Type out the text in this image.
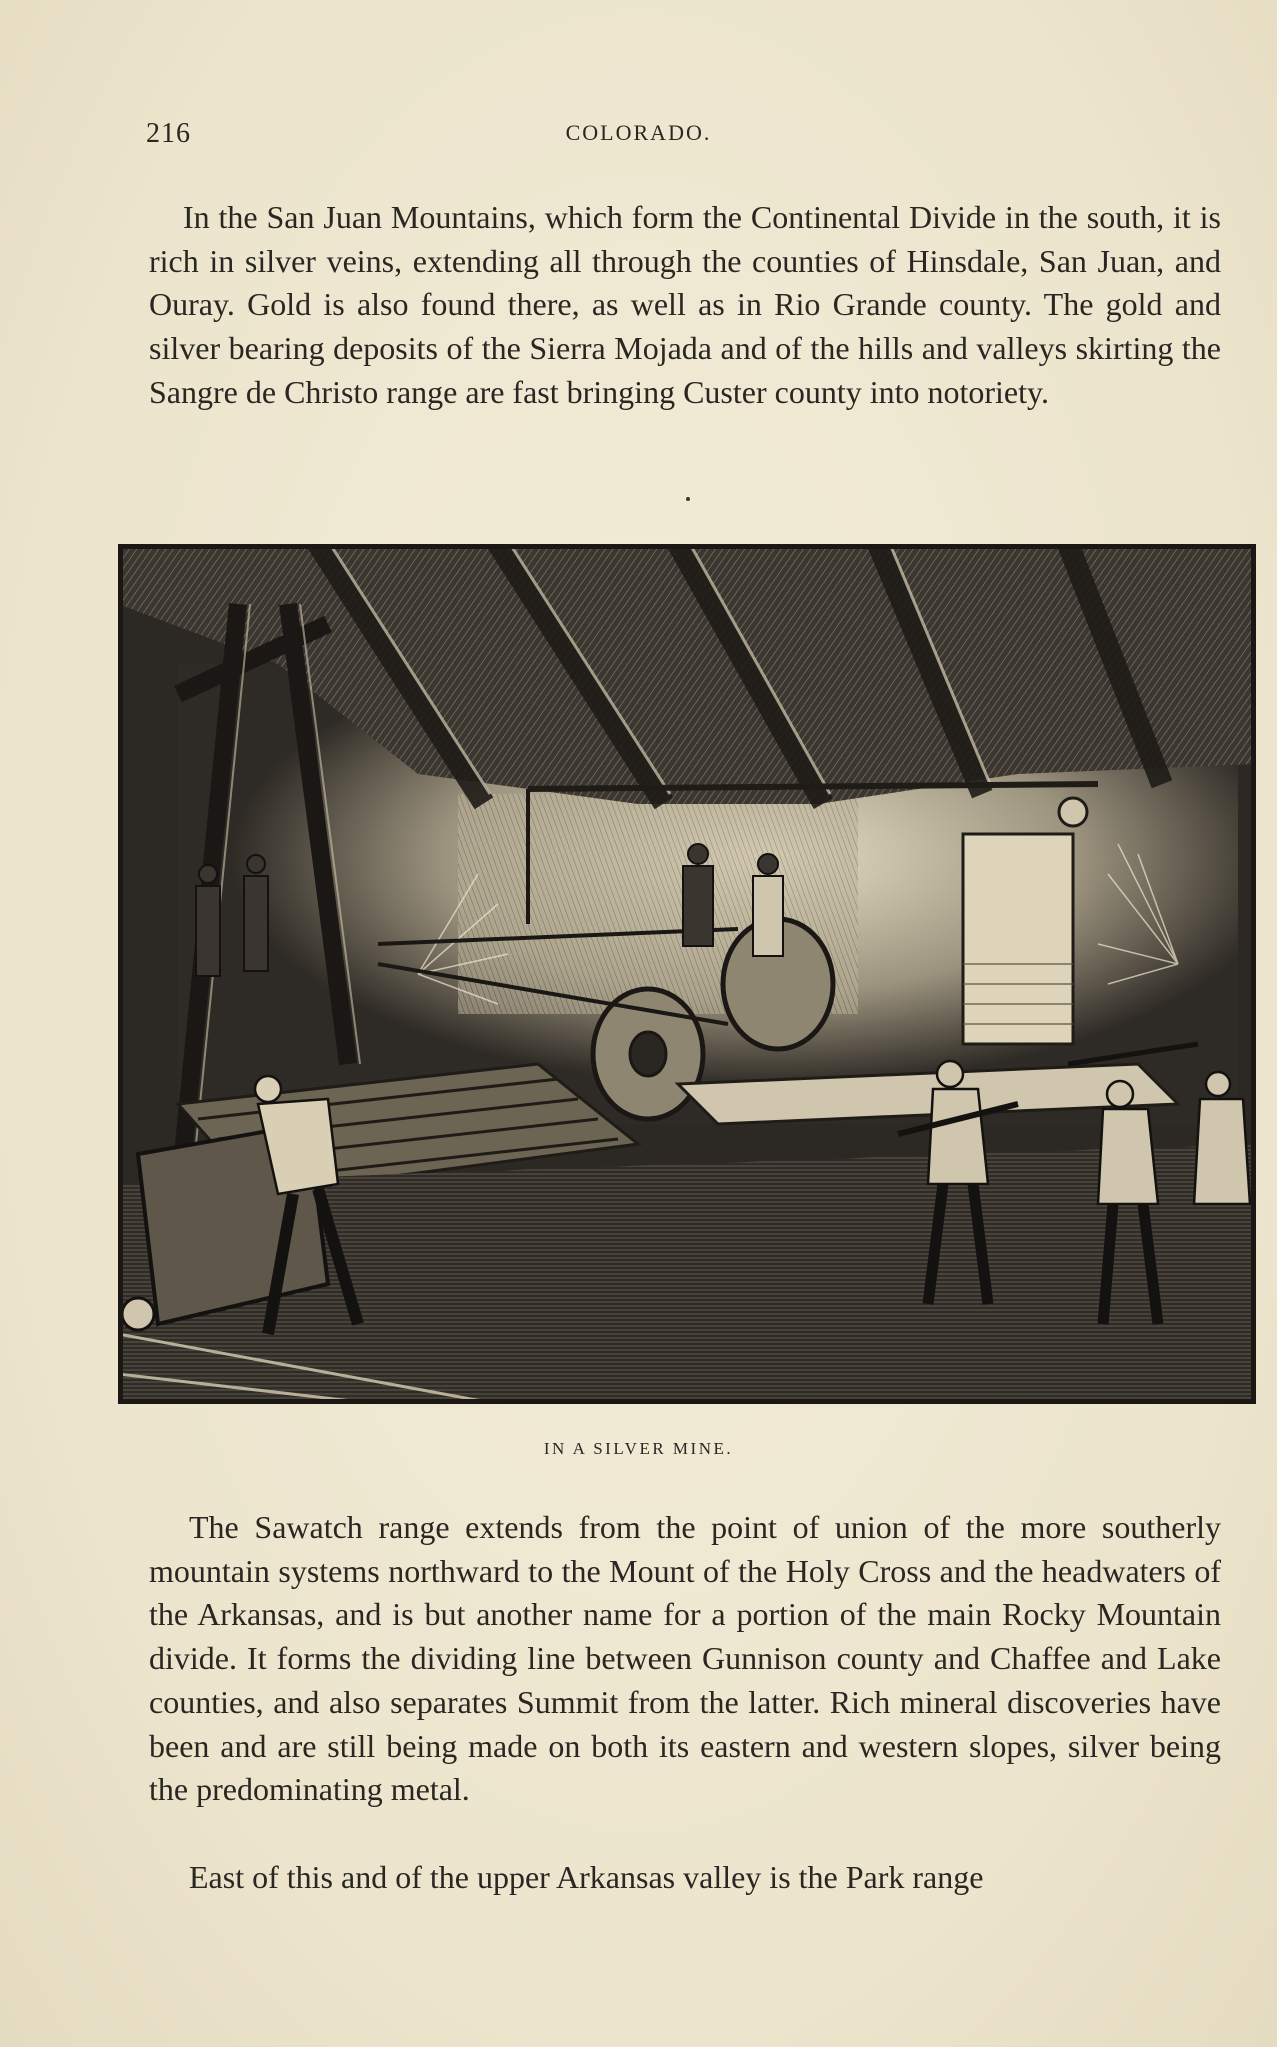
216	COLORADO.

In the San Juan Mountains, which form the Continental Divide in the south, it is rich in silver veins, extending all through the counties of Hinsdale, San Juan, and Ouray. Gold is also found there, as well as in Rio Grande county. The gold and silver bearing deposits of the Sierra Mojada and of the hills and valleys skirting the Sangre de Christo range are fast bringing Custer county into notoriety.

IN A SILVER MINE.

The Sawatch range extends from the point of union of the more southerly mountain systems northward to the Mount of the Holy Cross and the headwaters of the Arkansas, and is but another name for a portion of the main Rocky Mountain divide. It forms the dividing line between Gunnison county and Chaffee and Lake counties, and also separates Summit from the latter. Rich mineral discoveries have been and are still being made on both its eastern and western slopes, silver being the predominating metal.

East of this and of the upper Arkansas valley is the Park range
